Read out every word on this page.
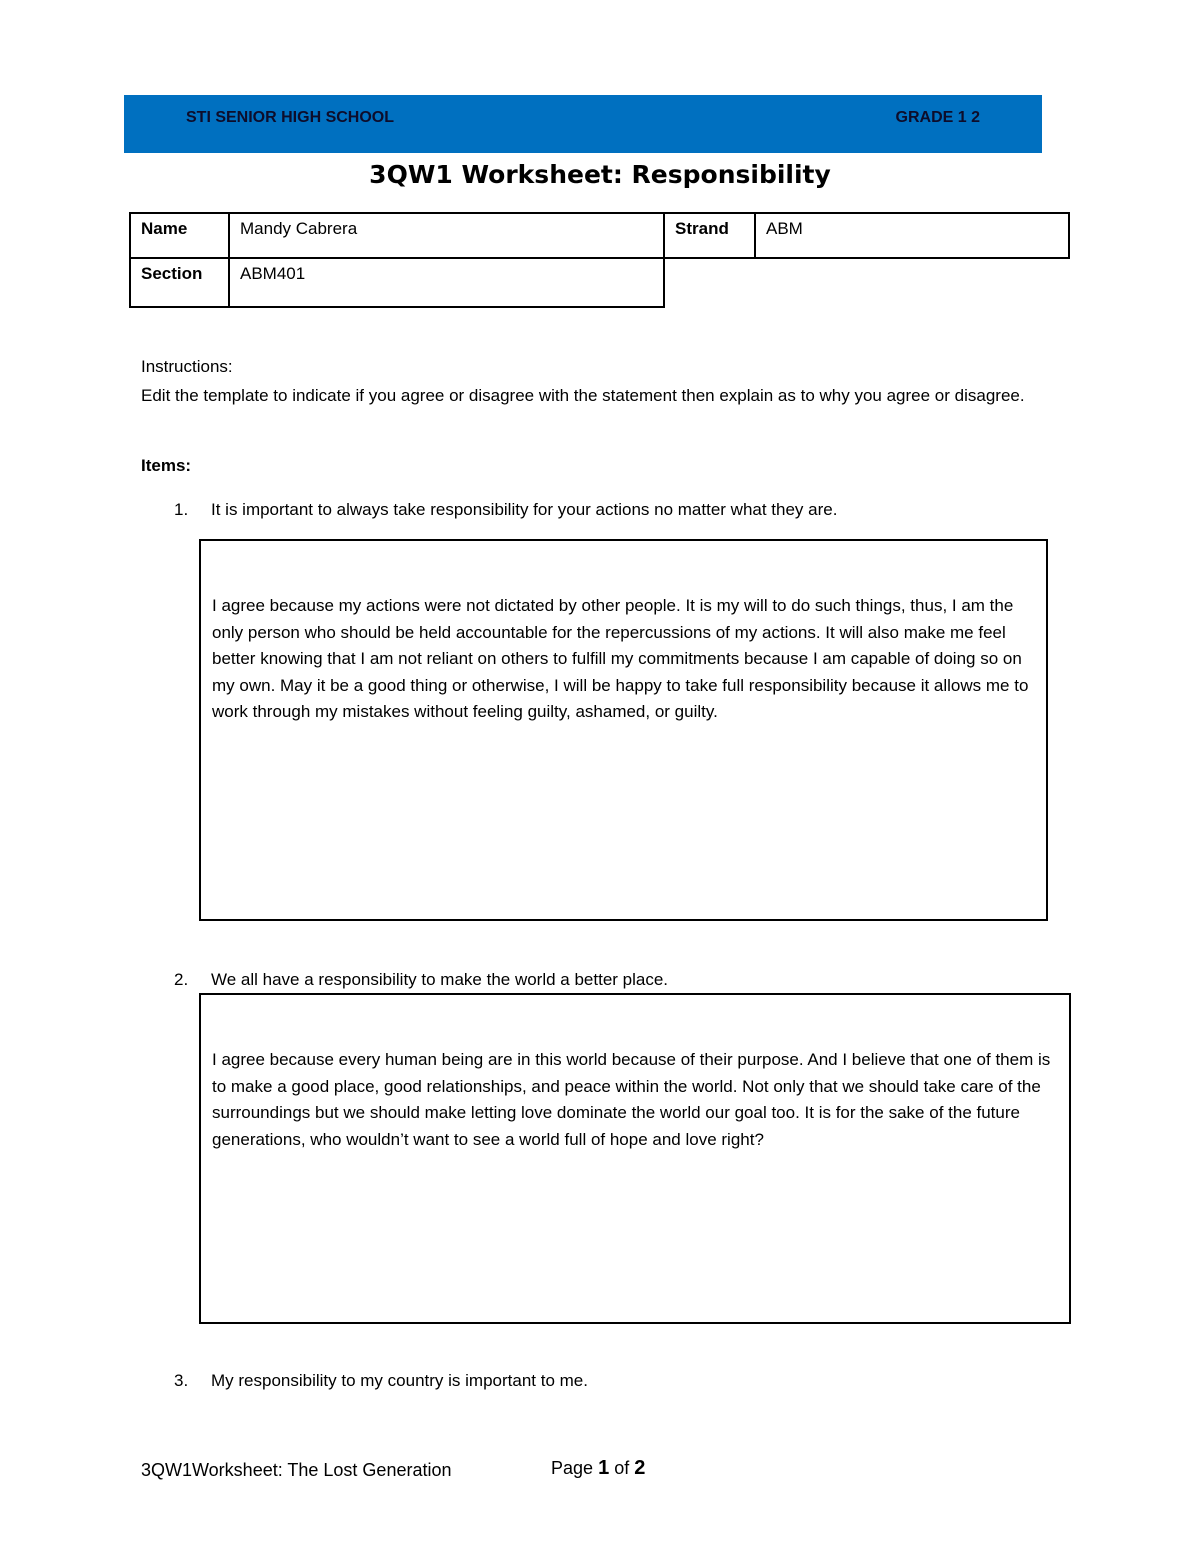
STI SENIOR HIGH SCHOOL	GRADE 1 2
3QW1 Worksheet: Responsibility
Name	Mandy Cabrera	Strand	ABM
Section	ABM401
Instructions:
Edit the template to indicate if you agree or disagree with the statement then explain as to why you agree or disagree.
Items:
1. It is important to always take responsibility for your actions no matter what they are.
I agree because my actions were not dictated by other people. It is my will to do such things, thus, I am the only person who should be held accountable for the repercussions of my actions. It will also make me feel better knowing that I am not reliant on others to fulfill my commitments because I am capable of doing so on my own. May it be a good thing or otherwise, I will be happy to take full responsibility because it allows me to work through my mistakes without feeling guilty, ashamed, or guilty.
2. We all have a responsibility to make the world a better place.
I agree because every human being are in this world because of their purpose. And I believe that one of them is to make a good place, good relationships, and peace within the world. Not only that we should take care of the surroundings but we should make letting love dominate the world our goal too. It is for the sake of the future generations, who wouldn’t want to see a world full of hope and love right?
3. My responsibility to my country is important to me.
3QW1Worksheet: The Lost Generation	Page 1 of 2
